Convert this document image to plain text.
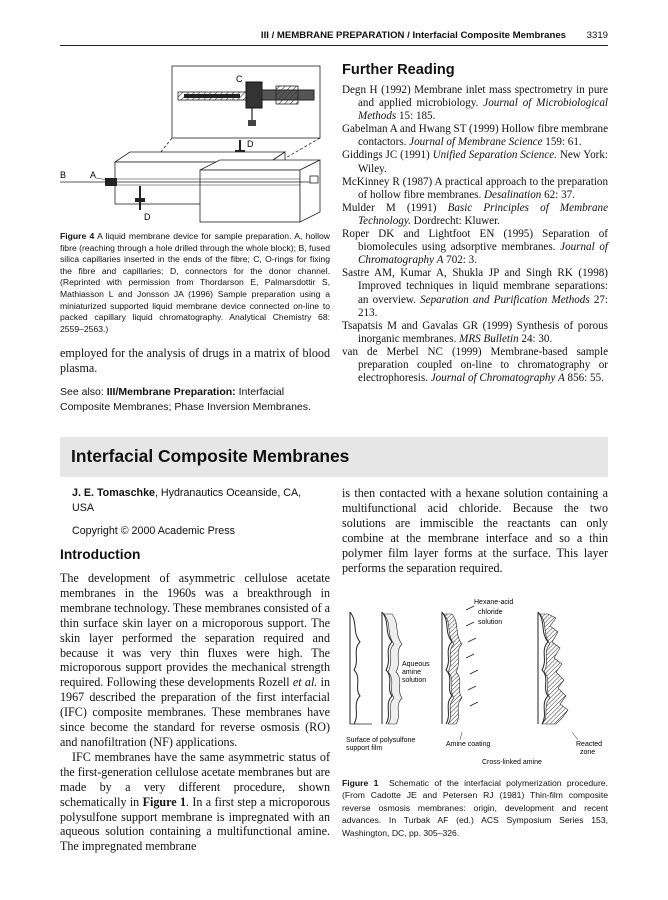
III / MEMBRANE PREPARATION / Interfacial Composite Membranes 3319
C
D
D
B	A
Figure 4 A liquid membrane device for sample preparation. A, hollow fibre (reaching through a hole drilled through the whole block); B, fused silica capillaries inserted in the ends of the fibre; C, O-rings for fixing the fibre and capillaries; D, connectors for the donor channel. (Reprinted with permission from Thordarson E, Palmarsdottir S, Mathiasson L and Jonsson JA (1996) Sample preparation using a miniaturized supported liquid membrane device connected on-line to packed capillary liquid chromatography. Analytical Chemistry 68: 2559–2563.)
employed for the analysis of drugs in a matrix of blood plasma.
See also: III/Membrane Preparation: Interfacial Composite Membranes; Phase Inversion Membranes.
Further Reading
Degn H (1992) Membrane inlet mass spectrometry in pure and applied microbiology. Journal of Microbiological Methods 15: 185.
Gabelman A and Hwang ST (1999) Hollow fibre membrane contactors. Journal of Membrane Science 159: 61.
Giddings JC (1991) Unified Separation Science. New York: Wiley.
McKinney R (1987) A practical approach to the preparation of hollow fibre membranes. Desalination 62: 37.
Mulder M (1991) Basic Principles of Membrane Technology. Dordrecht: Kluwer.
Roper DK and Lightfoot EN (1995) Separation of biomolecules using adsorptive membranes. Journal of Chromatography A 702: 3.
Sastre AM, Kumar A, Shukla JP and Singh RK (1998) Improved techniques in liquid membrane separations: an overview. Separation and Purification Methods 27: 213.
Tsapatsis M and Gavalas GR (1999) Synthesis of porous inorganic membranes. MRS Bulletin 24: 30.
van de Merbel NC (1999) Membrane-based sample preparation coupled on-line to chromatography or electrophoresis. Journal of Chromatography A 856: 55.
Interfacial Composite Membranes
J. E. Tomaschke, Hydranautics Oceanside, CA, USA
Copyright © 2000 Academic Press
Introduction

The development of asymmetric cellulose acetate membranes in the 1960s was a breakthrough in membrane technology. These membranes consisted of a thin surface skin layer on a microporous support. The skin layer performed the separation required and because it was very thin fluxes were high. The microporous support provides the mechanical strength required. Following these developments Rozell et al. in 1967 described the preparation of the first interfacial (IFC) composite membranes. These membranes have since become the standard for reverse osmosis (RO) and nanofiltration (NF) applications.

IFC membranes have the same asymmetric status of the first-generation cellulose acetate membranes but are made by a very different procedure, shown schematically in Figure 1. In a first step a microporous polysulfone support membrane is impregnated with an aqueous solution containing a multifunctional amine. The impregnated membrane

is then contacted with a hexane solution containing a multifunctional acid chloride. Because the two solutions are immiscible the reactants can only combine at the membrane interface and so a thin polymer film layer forms at the surface. This layer performs the separation required.
Aqueous
amine
solution
Hexane-acid
chloride
solution
Surface of polysulfone
support film
Amine coating
Cross-linked amine
Reacted
zone
Figure 1 Schematic of the interfacial polymerization procedure. (From Cadotte JE and Petersen RJ (1981) Thin-film composite reverse osmosis membranes: origin, development and recent advances. In Turbak AF (ed.) ACS Symposium Series 153, Washington, DC, pp. 305–326.
